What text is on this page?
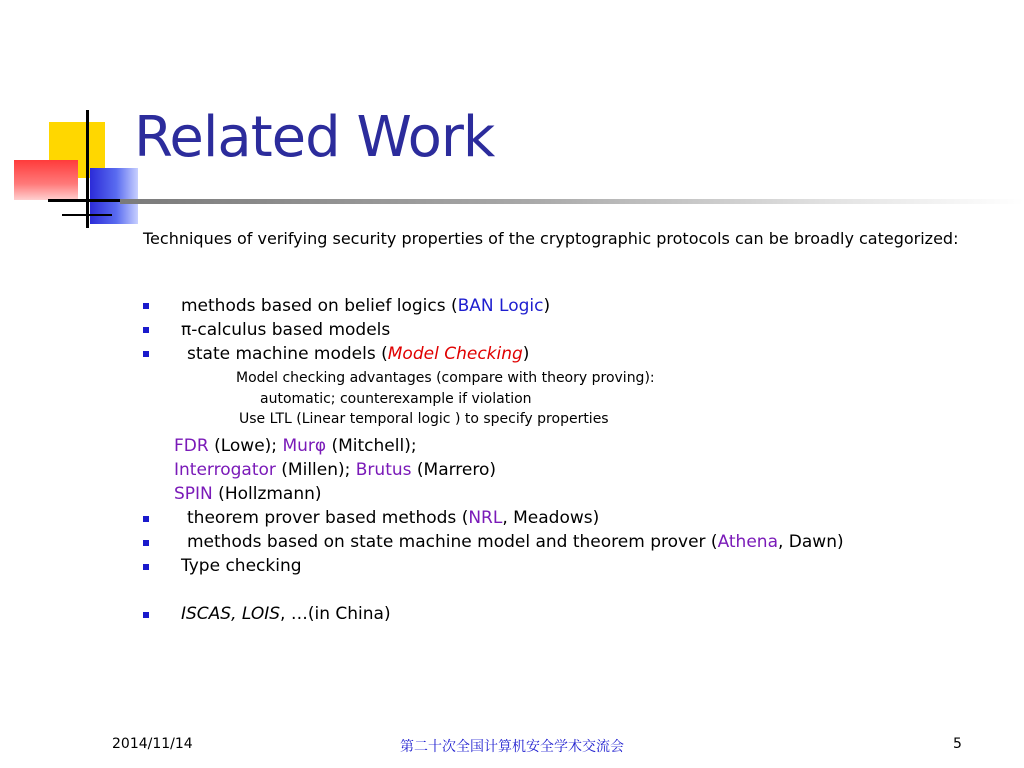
Related Work

Techniques of verifying security properties of the cryptographic protocols can be broadly categorized:

methods based on belief logics (BAN Logic)
π-calculus based models
state machine models (Model Checking)
Model checking advantages (compare with theory proving):
automatic; counterexample if violation
Use LTL (Linear temporal logic ) to specify properties
FDR (Lowe); Murφ (Mitchell);
Interrogator (Millen); Brutus (Marrero)
SPIN (Hollzmann)
theorem prover based methods (NRL, Meadows)
methods based on state machine model and theorem prover (Athena, Dawn)
Type checking
ISCAS, LOIS, …(in China)
2014/11/14	第二十次全国计算机安全学术交流会	5
